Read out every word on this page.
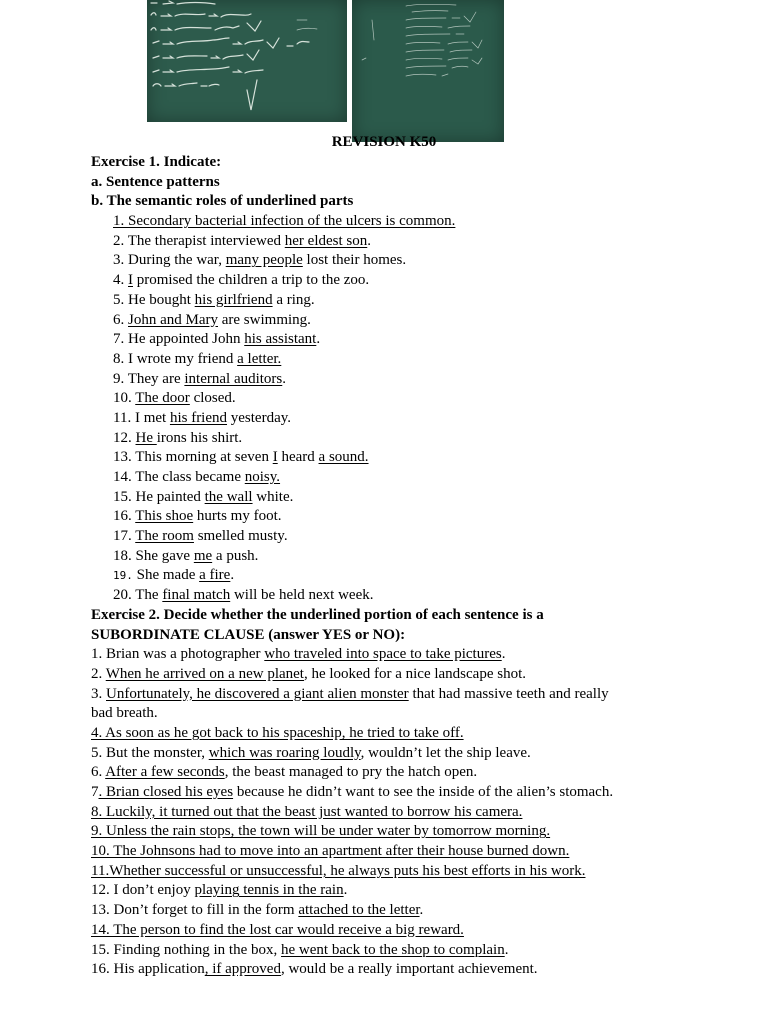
REVISION K50
Exercise 1. Indicate:
a. Sentence patterns
b. The semantic roles of underlined parts
1. Secondary bacterial infection of the ulcers is common.
2. The therapist interviewed her eldest son.
3. During the war, many people lost their homes.
4. I promised the children a trip to the zoo.
5. He bought his girlfriend a ring.
6. John and Mary are swimming.
7. He appointed John his assistant.
8. I wrote my friend a letter.
9. They are internal auditors.
10. The door closed.
11. I met his friend yesterday.
12. He irons his shirt.
13. This morning at seven I heard a sound.
14. The class became noisy.
15. He painted the wall white.
16. This shoe hurts my foot.
17. The room smelled musty.
18. She gave me a push.
19. She made a fire.
20. The final match will be held next week.
Exercise 2. Decide whether the underlined portion of each sentence is a
SUBORDINATE CLAUSE (answer YES or NO):
1. Brian was a photographer who traveled into space to take pictures.
2. When he arrived on a new planet, he looked for a nice landscape shot.
3. Unfortunately, he discovered a giant alien monster that had massive teeth and really
bad breath.
4. As soon as he got back to his spaceship, he tried to take off.
5. But the monster, which was roaring loudly, wouldn’t let the ship leave.
6. After a few seconds, the beast managed to pry the hatch open.
7. Brian closed his eyes because he didn’t want to see the inside of the alien’s stomach.
8. Luckily, it turned out that the beast just wanted to borrow his camera.
9. Unless the rain stops, the town will be under water by tomorrow morning.
10. The Johnsons had to move into an apartment after their house burned down.
11.Whether successful or unsuccessful, he always puts his best efforts in his work.
12. I don’t enjoy playing tennis in the rain.
13. Don’t forget to fill in the form attached to the letter.
14. The person to find the lost car would receive a big reward.
15. Finding nothing in the box, he went back to the shop to complain.
16. His application, if approved, would be a really important achievement.
